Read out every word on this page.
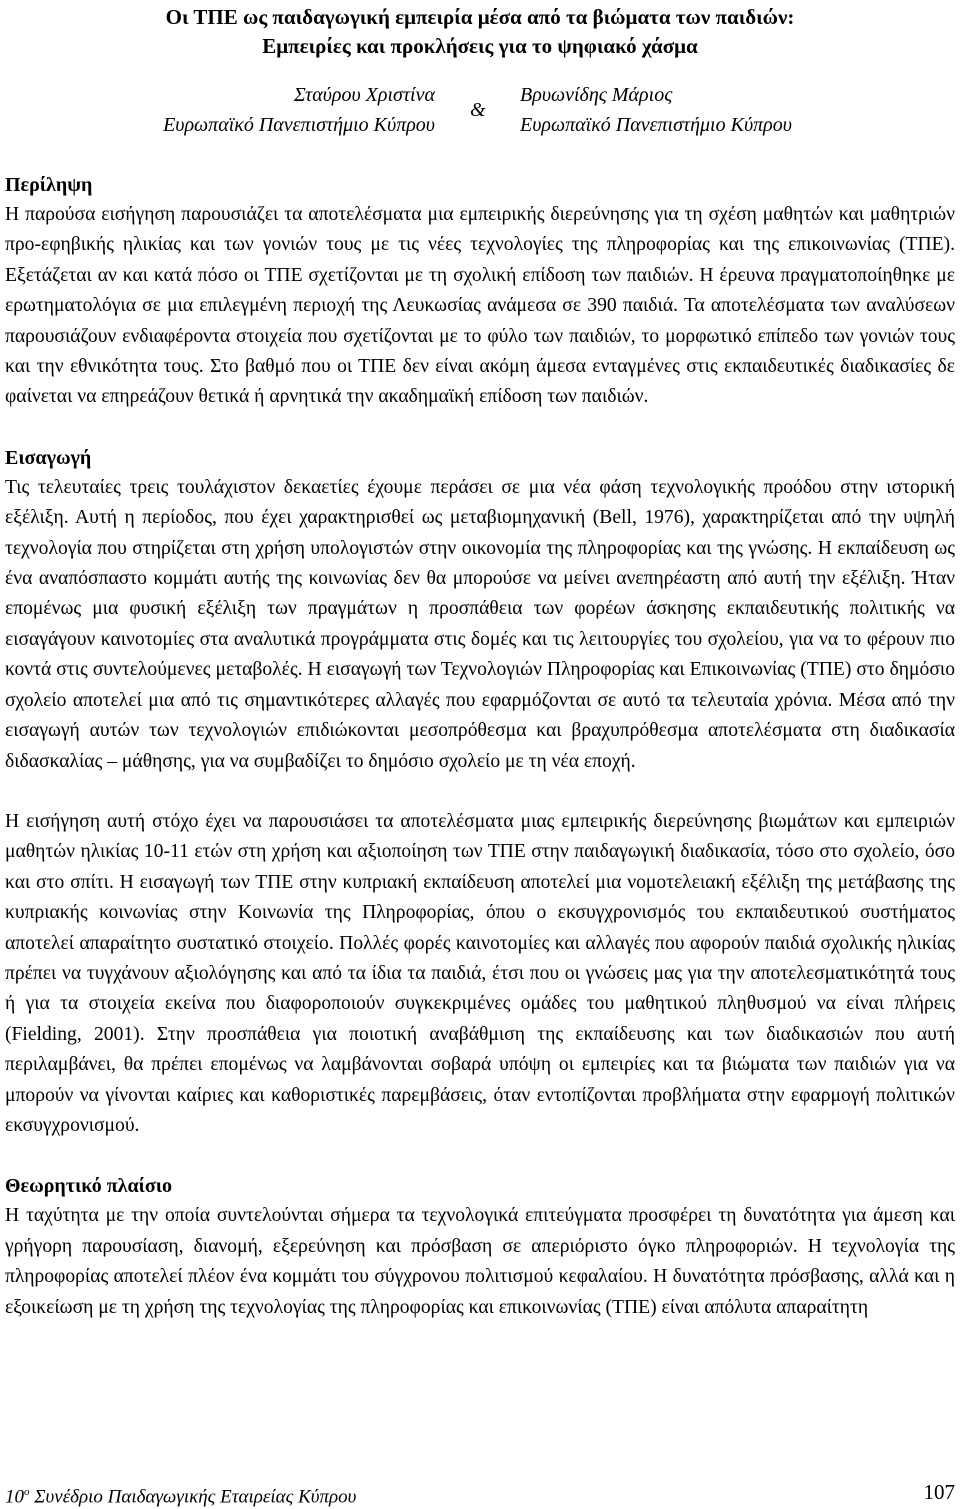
Οι ΤΠΕ ως παιδαγωγική εμπειρία μέσα από τα βιώματα των παιδιών:
Εμπειρίες και προκλήσεις για το ψηφιακό χάσμα
Σταύρου Χριστίνα
Ευρωπαϊκό Πανεπιστήμιο Κύπρου
&
Βρυωνίδης Μάριος
Ευρωπαϊκό Πανεπιστήμιο Κύπρου
Περίληψη

Η παρούσα εισήγηση παρουσιάζει τα αποτελέσματα μια εμπειρικής διερεύνησης για τη σχέση μαθητών και μαθητριών προ-εφηβικής ηλικίας και των γονιών τους με τις νέες τεχνολογίες της πληροφορίας και της επικοινωνίας (ΤΠΕ). Εξετάζεται αν και κατά πόσο οι ΤΠΕ σχετίζονται με τη σχολική επίδοση των παιδιών. Η έρευνα πραγματοποίηθηκε με ερωτηματολόγια σε μια επιλεγμένη περιοχή της Λευκωσίας ανάμεσα σε 390 παιδιά. Τα αποτελέσματα των αναλύσεων παρουσιάζουν ενδιαφέροντα στοιχεία που σχετίζονται με το φύλο των παιδιών, το μορφωτικό επίπεδο των γονιών τους και την εθνικότητα τους. Στο βαθμό που οι ΤΠΕ δεν είναι ακόμη άμεσα ενταγμένες στις εκπαιδευτικές διαδικασίες δε φαίνεται να επηρεάζουν θετικά ή αρνητικά την ακαδημαϊκή επίδοση των παιδιών.

Εισαγωγή

Τις τελευταίες τρεις τουλάχιστον δεκαετίες έχουμε περάσει σε μια νέα φάση τεχνολογικής προόδου στην ιστορική εξέλιξη. Αυτή η περίοδος, που έχει χαρακτηρισθεί ως μεταβιομηχανική (Bell, 1976), χαρακτηρίζεται από την υψηλή τεχνολογία που στηρίζεται στη χρήση υπολογιστών στην οικονομία της πληροφορίας και της γνώσης. Η εκπαίδευση ως ένα αναπόσπαστο κομμάτι αυτής της κοινωνίας δεν θα μπορούσε να μείνει ανεπηρέαστη από αυτή την εξέλιξη. Ήταν επομένως μια φυσική εξέλιξη των πραγμάτων η προσπάθεια των φορέων άσκησης εκπαιδευτικής πολιτικής να εισαγάγουν καινοτομίες στα αναλυτικά προγράμματα στις δομές και τις λειτουργίες του σχολείου, για να το φέρουν πιο κοντά στις συντελούμενες μεταβολές. Η εισαγωγή των Τεχνολογιών Πληροφορίας και Επικοινωνίας (ΤΠΕ) στο δημόσιο σχολείο αποτελεί μια από τις σημαντικότερες αλλαγές που εφαρμόζονται σε αυτό τα τελευταία χρόνια. Μέσα από την εισαγωγή αυτών των τεχνολογιών επιδιώκονται μεσοπρόθεσμα και βραχυπρόθεσμα αποτελέσματα στη διαδικασία διδασκαλίας – μάθησης, για να συμβαδίζει το δημόσιο σχολείο με τη νέα εποχή.

Η εισήγηση αυτή στόχο έχει να παρουσιάσει τα αποτελέσματα μιας εμπειρικής διερεύνησης βιωμάτων και εμπειριών μαθητών ηλικίας 10-11 ετών στη χρήση και αξιοποίηση των ΤΠΕ στην παιδαγωγική διαδικασία, τόσο στο σχολείο, όσο και στο σπίτι. Η εισαγωγή των ΤΠΕ στην κυπριακή εκπαίδευση αποτελεί μια νομοτελειακή εξέλιξη της μετάβασης της κυπριακής κοινωνίας στην Κοινωνία της Πληροφορίας, όπου ο εκσυγχρονισμός του εκπαιδευτικού συστήματος αποτελεί απαραίτητο συστατικό στοιχείο. Πολλές φορές καινοτομίες και αλλαγές που αφορούν παιδιά σχολικής ηλικίας πρέπει να τυγχάνουν αξιολόγησης και από τα ίδια τα παιδιά, έτσι που οι γνώσεις μας για την αποτελεσματικότητά τους ή για τα στοιχεία εκείνα που διαφοροποιούν συγκεκριμένες ομάδες του μαθητικού πληθυσμού να είναι πλήρεις (Fielding, 2001). Στην προσπάθεια για ποιοτική αναβάθμιση της εκπαίδευσης και των διαδικασιών που αυτή περιλαμβάνει, θα πρέπει επομένως να λαμβάνονται σοβαρά υπόψη οι εμπειρίες και τα βιώματα των παιδιών για να μπορούν να γίνονται καίριες και καθοριστικές παρεμβάσεις, όταν εντοπίζονται προβλήματα στην εφαρμογή πολιτικών εκσυγχρονισμού.

Θεωρητικό πλαίσιο

Η ταχύτητα με την οποία συντελούνται σήμερα τα τεχνολογικά επιτεύγματα προσφέρει τη δυνατότητα για άμεση και γρήγορη παρουσίαση, διανομή, εξερεύνηση και πρόσβαση σε απεριόριστο όγκο πληροφοριών. Η τεχνολογία της πληροφορίας αποτελεί πλέον ένα κομμάτι του σύγχρονου πολιτισμού κεφαλαίου. Η δυνατότητα πρόσβασης, αλλά και η εξοικείωση με τη χρήση της τεχνολογίας της πληροφορίας και επικοινωνίας (ΤΠΕ) είναι απόλυτα απαραίτητη

$10^o$ Συνέδριο Παιδαγωγικής Εταιρείας Κύπρου	107
